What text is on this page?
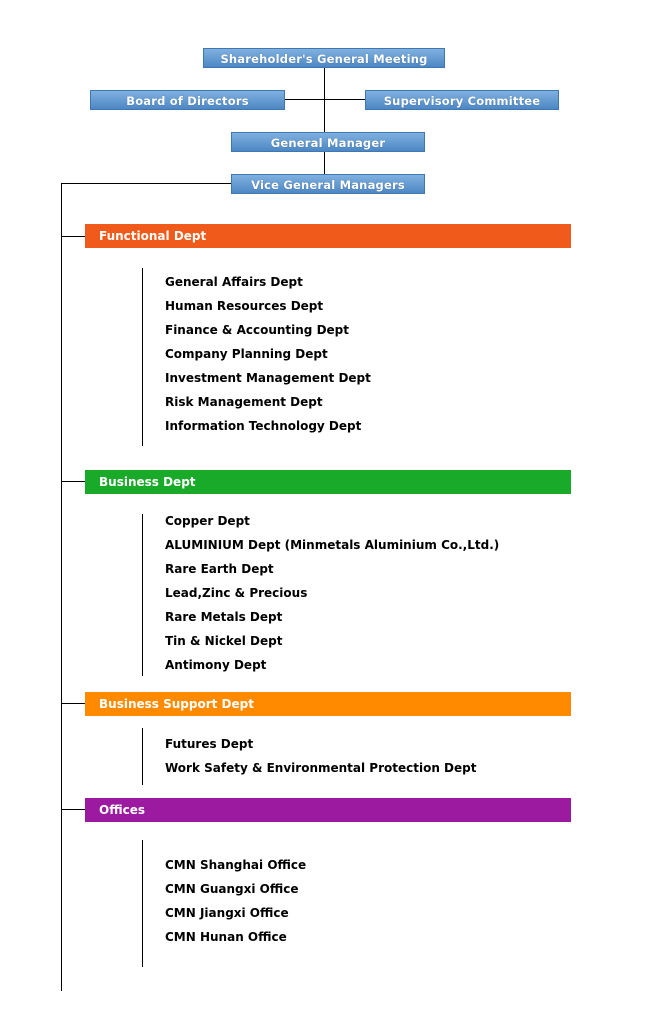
Shareholder's General Meeting
Board of Directors	Supervisory Committee
General Manager
Vice General Managers
Functional Dept
General Affairs Dept
Human Resources Dept
Finance & Accounting Dept
Company Planning Dept
Investment Management Dept
Risk Management Dept
Information Technology Dept
Business Dept
Copper Dept
ALUMINIUM Dept (Minmetals Aluminium Co.,Ltd.)
Rare Earth Dept
Lead,Zinc & Precious
Rare Metals Dept
Tin & Nickel Dept
Antimony Dept
Business Support Dept
Futures Dept
Work Safety & Environmental Protection Dept
Offices
CMN Shanghai Office
CMN Guangxi Office
CMN Jiangxi Office
CMN Hunan Office
